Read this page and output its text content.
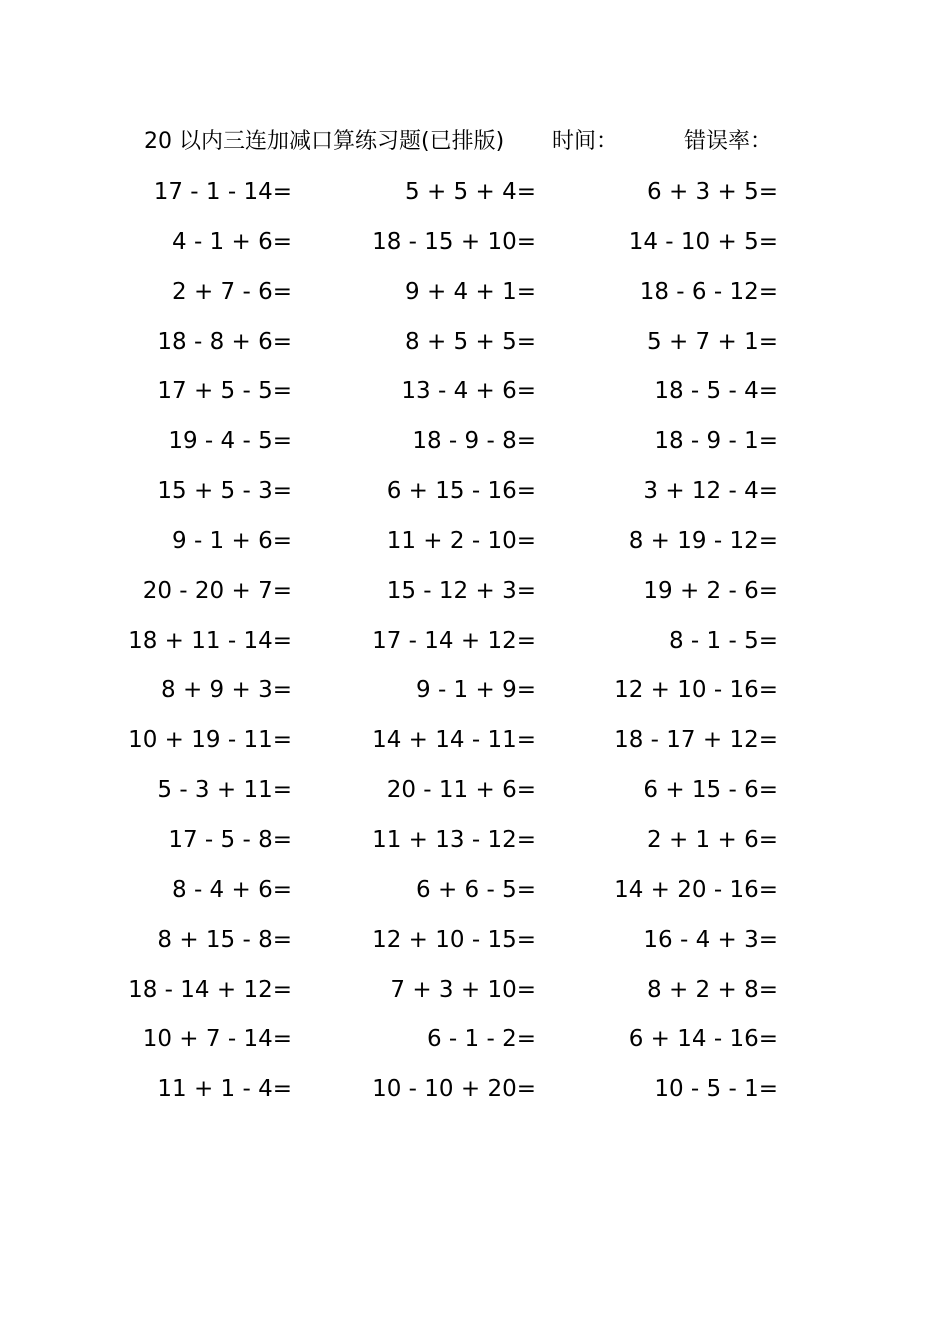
20 以内三连加减口算练习题(已排版) 时间：	错误率：
17 - 1 - 14=	5 + 5 + 4=	6 + 3 + 5=
4 - 1 + 6=	18 - 15 + 10=	14 - 10 + 5=
2 + 7 - 6=	9 + 4 + 1=	18 - 6 - 12=
18 - 8 + 6=	8 + 5 + 5=	5 + 7 + 1=
17 + 5 - 5=	13 - 4 + 6=	18 - 5 - 4=
19 - 4 - 5=	18 - 9 - 8=	18 - 9 - 1=
15 + 5 - 3=	6 + 15 - 16=	3 + 12 - 4=
9 - 1 + 6=	11 + 2 - 10=	8 + 19 - 12=
20 - 20 + 7=	15 - 12 + 3=	19 + 2 - 6=
18 + 11 - 14=	17 - 14 + 12=	8 - 1 - 5=
8 + 9 + 3=	9 - 1 + 9=	12 + 10 - 16=
10 + 19 - 11=	14 + 14 - 11=	18 - 17 + 12=
5 - 3 + 11=	20 - 11 + 6=	6 + 15 - 6=
17 - 5 - 8=	11 + 13 - 12=	2 + 1 + 6=
8 - 4 + 6=	6 + 6 - 5=	14 + 20 - 16=
8 + 15 - 8=	12 + 10 - 15=	16 - 4 + 3=
18 - 14 + 12=	7 + 3 + 10=	8 + 2 + 8=
10 + 7 - 14=	6 - 1 - 2=	6 + 14 - 16=
11 + 1 - 4=	10 - 10 + 20=	10 - 5 - 1=
